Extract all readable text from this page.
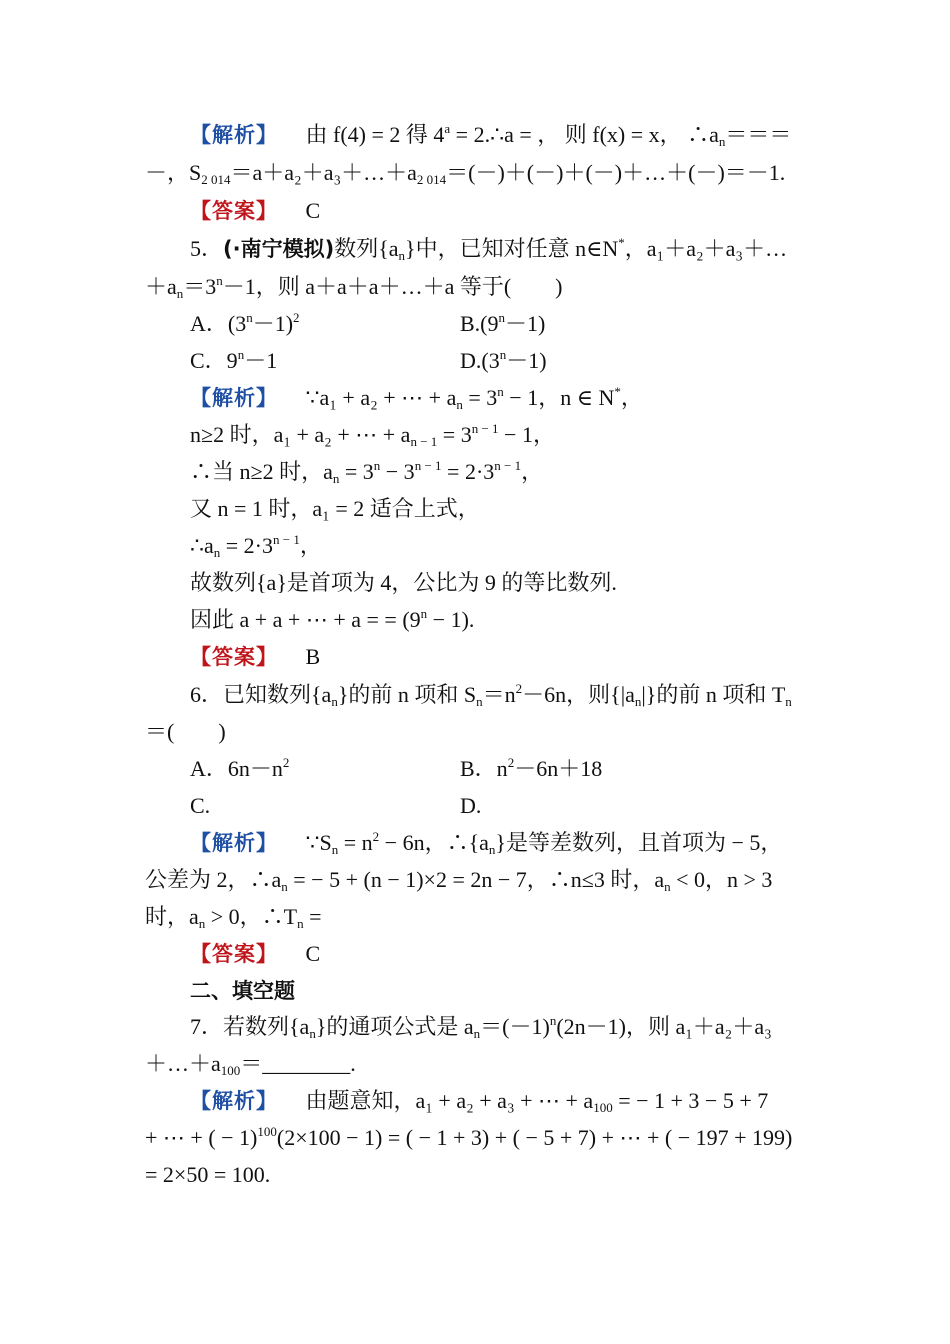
【解析】 由 f(4) = 2 得 $4^a$ = 2.∴a = ， 则 f(x) = x， $\therefore a_n===$
－，$S_{2 014}=a+a_2+a_3+\dots+a_{2 014}=(-)+(-)+(-)+\dots+(-)=-1$.
【答案】 C
5．(·南宁模拟)数列$\{a_n\}$中，已知对任意 n∈N*，a₁＋a₂＋a₃＋…
$+a_n=3^n-1$，则 a＋a＋a＋…＋a 等于(　　)
A．$(3^n-1)^2$	$B.(9^n-1)$
C．$9^n-1$	$D.(3^n-1)$
【解析】 ∵a₁ + a₂ + ⋯ + $a_n = 3^n - 1$，n ∈ N*，
n≥2 时，a₁ + a₂ + ⋯ + $a_{n - 1} = 3^{n - 1} - 1$，
∴当 n≥2 时，$a_n = 3^n - 3^{n - 1} = 2\cdot 3^{n - 1}$，
又 n = 1 时，a₁ = 2 适合上式，
$\therefore a_n = 2\cdot 3^{n - 1}$，
故数列{a}是首项为 4，公比为 9 的等比数列.
因此 a + a + ⋯ + a = = $(9^n - 1)$.
【答案】 B
6．已知数列$\{a_n\}$的前 n 项和 $S_n=n^2-6n$，则$\{|a_n|\}$的前 n 项和 $T_n$
＝(　　)
A．$6n-n^2$	B．$n^2-6n+18$
C.	D.
【解析】 $\because S_n = n^2 - 6n$，$\therefore\{a_n\}$是等差数列，且首项为 − 5，
公差为 2，$\therefore a_n$ = − 5 + (n − 1)×2 = 2n − 7，∴n≤3 时，$a_n < 0$，n > 3
时，$a_n > 0$，$\therefore T_n$ =
【答案】 C
二、填空题
7．若数列$\{a_n\}$的通项公式是 $a_n=(-1)^n(2n-1)$，则 a₁＋a₂＋a₃
$+\dots+a_{100}=\_\_\_\_\_\_\_\_$.
【解析】 由题意知，a₁ + a₂ + a₃ + ⋯ + $a_{100}$ = − 1 + 3 − 5 + 7
+ ⋯ + ( − 1)$^{100}$(2×100 − 1) = ( − 1 + 3) + ( − 5 + 7) + ⋯ + ( − 197 + 199)
= 2×50 = 100.
